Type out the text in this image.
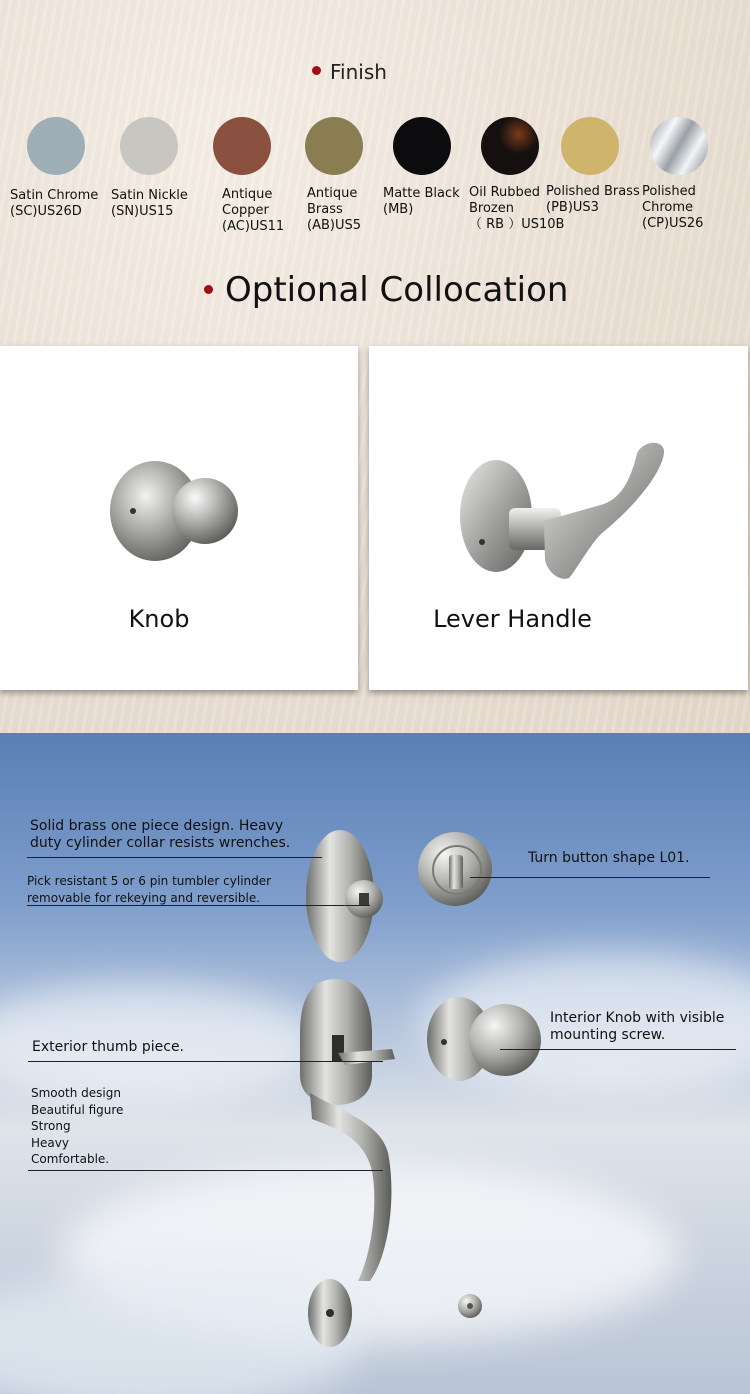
Finish
Satin Chrome
(SC)US26D
Satin Nickle
(SN)US15
Antique
Copper
(AC)US11
Antique
Brass
(AB)US5
Matte Black
(MB)
Oil Rubbed
Brozen
（ RB ）US10B
Polished Brass
(PB)US3
Polished Chrome
(CP)US26
Optional Collocation
Knob	Lever Handle
Solid brass one piece design. Heavy
duty cylinder collar resists wrenches.
Pick resistant 5 or 6 pin tumbler cylinder
removable for rekeying and reversible.
Turn button shape L01.
Interior Knob with visible
mounting screw.
Exterior thumb piece.
Smooth design
Beautiful figure
Strong
Heavy
Comfortable.
